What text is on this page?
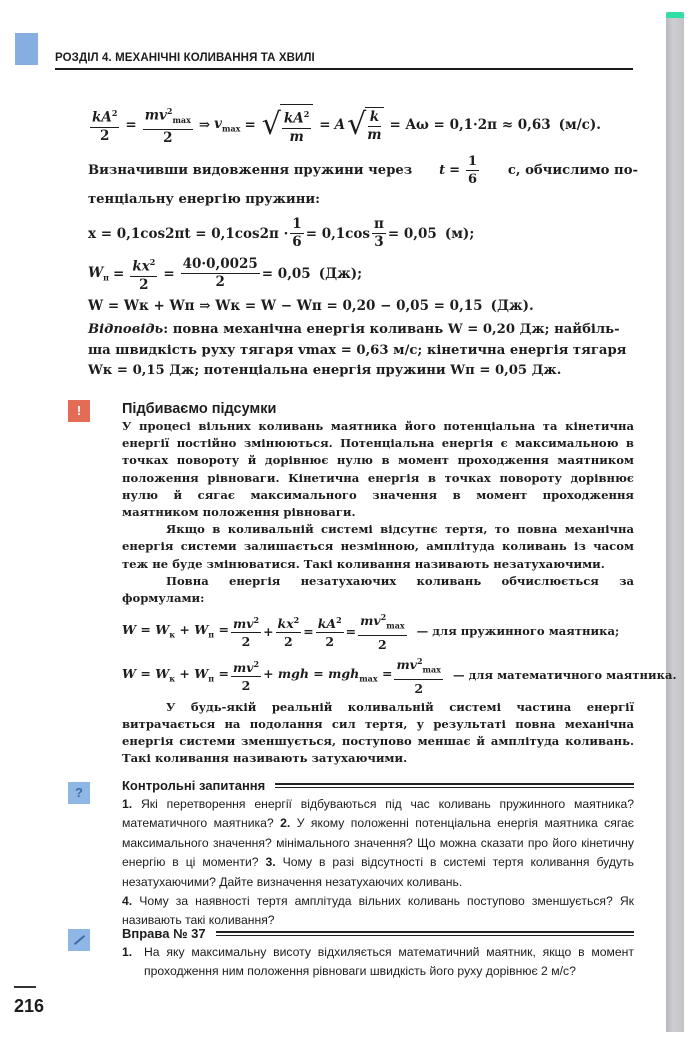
РОЗДІЛ 4. МЕХАНІЧНІ КОЛИВАННЯ ТА ХВИЛІ
$\frac{kA^2}{2} = \frac{mv^2_{max}}{2}$ ⇒ $v_{max}$ = √ $\frac{kA^2}{m} = A$ √ $\frac{k}{m} = A\omega = 0,1\cdot 2\pi \approx 0,63$ (м/с).
Визначивши видовження пружини через $t = \frac{1}{6} с$, обчислимо по-
тенціальну енергію пружини:
$x = 0,1\cos 2\pi t = 0,1\cos 2\pi \cdot \frac{1}{6} = 0,1\cos \frac{\pi}{3} = 0,05$ (м);
$W_п = \frac{kx^2}{2} = \frac{40\cdot 0,0025}{2} = 0,05$ (Дж);
W = Wк + Wп ⇒ Wк = W − Wп = 0,20 − 0,05 = 0,15 (Дж).
Відповідь: повна механічна енергія коливань W = 0,20 Дж; найбіль-
ша швидкість руху тягаря vmax = 0,63 м/с; кінетична енергія тягаря
Wк = 0,15 Дж; потенціальна енергія пружини Wп = 0,05 Дж.
!	Підбиваємо підсумки

У процесі вільних коливань маятника його потенціальна та кінетична енергії постійно змінюються. Потенціальна енергія є максимальною в точках повороту й дорівнює нулю в момент проходження маятником положення рівноваги. Кінетична енергія в точках повороту дорівнює нулю й сягає максимального значення в момент проходження маятником положення рівноваги.

Якщо в коливальній системі відсутнє тертя, то повна механічна енергія системи залишається незмінною, амплітуда коливань із часом теж не буде змінюватися. Такі коливання називають незатухаючими.

Повна енергія незатухаючих коливань обчислюється за формулами:

$W = W_к + W_п = \frac{mv^2}{2} + \frac{kx^2}{2} = \frac{kA^2}{2} = \frac{mv^2_{max}}{2}$ — для пружинного маятника;
$W = W_к + W_п = \frac{mv^2}{2}$ + mgh = $mgh_{max} = \frac{mv^2_{max}}{2}$ — для математичного маятника.

У будь-якій реальній коливальній системі частина енергії витрачається на подолання сил тертя, у результаті повна механічна енергія системи зменшується, поступово меншає й амплітуда коливань. Такі коливання називають затухаючими.

?	Контрольні запитання
1. Які перетворення енергії відбуваються під час коливань пружинного маятника? математичного маятника? 2. У якому положенні потенціальна енергія маятника сягає максимального значення? мінімального значення? Що можна сказати про його кінетичну енергію в ці моменти? 3. Чому в разі відсутності в системі тертя коливання будуть незатухаючими? Дайте визначення незатухаючих коливань.
4. Чому за наявності тертя амплітуда вільних коливань поступово зменшується? Як називають такі коливання?
Вправа № 37
1. На яку максимальну висоту відхиляється математичний маятник, якщо в момент проходження ним положення рівноваги швидкість його руху дорівнює 2 м/с?
216
